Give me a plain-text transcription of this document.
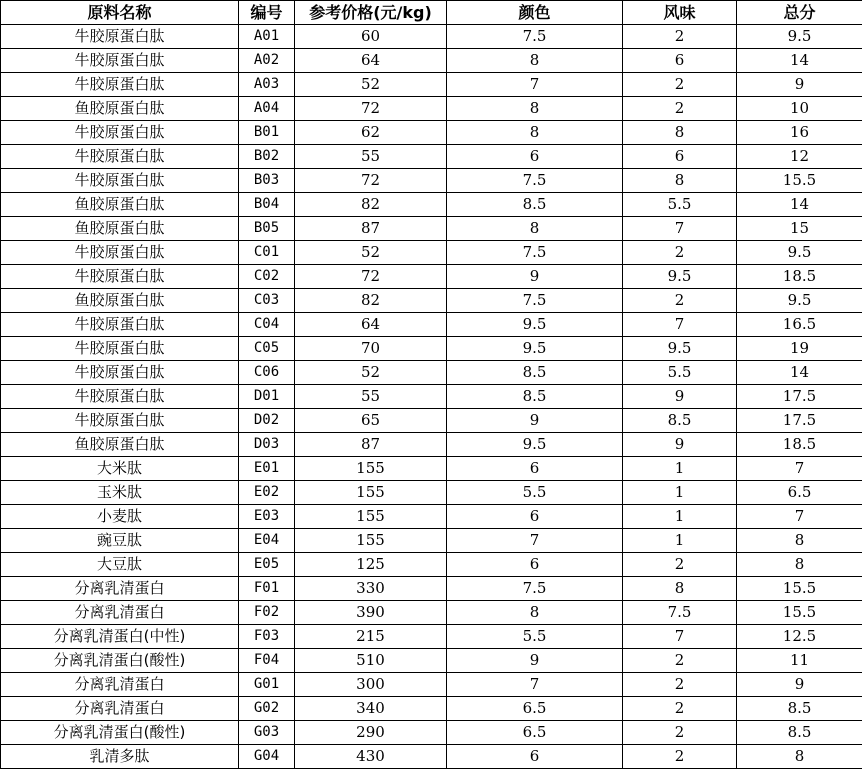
原料名称	编号	参考价格(元/kg)	颜色	风味	总分
牛胶原蛋白肽	A01	60	7.5	2	9.5
牛胶原蛋白肽	A02	64	8	6	14
牛胶原蛋白肽	A03	52	7	2	9
鱼胶原蛋白肽	A04	72	8	2	10
牛胶原蛋白肽	B01	62	8	8	16
牛胶原蛋白肽	B02	55	6	6	12
牛胶原蛋白肽	B03	72	7.5	8	15.5
鱼胶原蛋白肽	B04	82	8.5	5.5	14
鱼胶原蛋白肽	B05	87	8	7	15
牛胶原蛋白肽	C01	52	7.5	2	9.5
牛胶原蛋白肽	C02	72	9	9.5	18.5
鱼胶原蛋白肽	C03	82	7.5	2	9.5
牛胶原蛋白肽	C04	64	9.5	7	16.5
牛胶原蛋白肽	C05	70	9.5	9.5	19
牛胶原蛋白肽	C06	52	8.5	5.5	14
牛胶原蛋白肽	D01	55	8.5	9	17.5
牛胶原蛋白肽	D02	65	9	8.5	17.5
鱼胶原蛋白肽	D03	87	9.5	9	18.5
大米肽	E01	155	6	1	7
玉米肽	E02	155	5.5	1	6.5
小麦肽	E03	155	6	1	7
豌豆肽	E04	155	7	1	8
大豆肽	E05	125	6	2	8
分离乳清蛋白	F01	330	7.5	8	15.5
分离乳清蛋白	F02	390	8	7.5	15.5
分离乳清蛋白(中性)	F03	215	5.5	7	12.5
分离乳清蛋白(酸性)	F04	510	9	2	11
分离乳清蛋白	G01	300	7	2	9
分离乳清蛋白	G02	340	6.5	2	8.5
分离乳清蛋白(酸性)	G03	290	6.5	2	8.5
乳清多肽	G04	430	6	2	8
